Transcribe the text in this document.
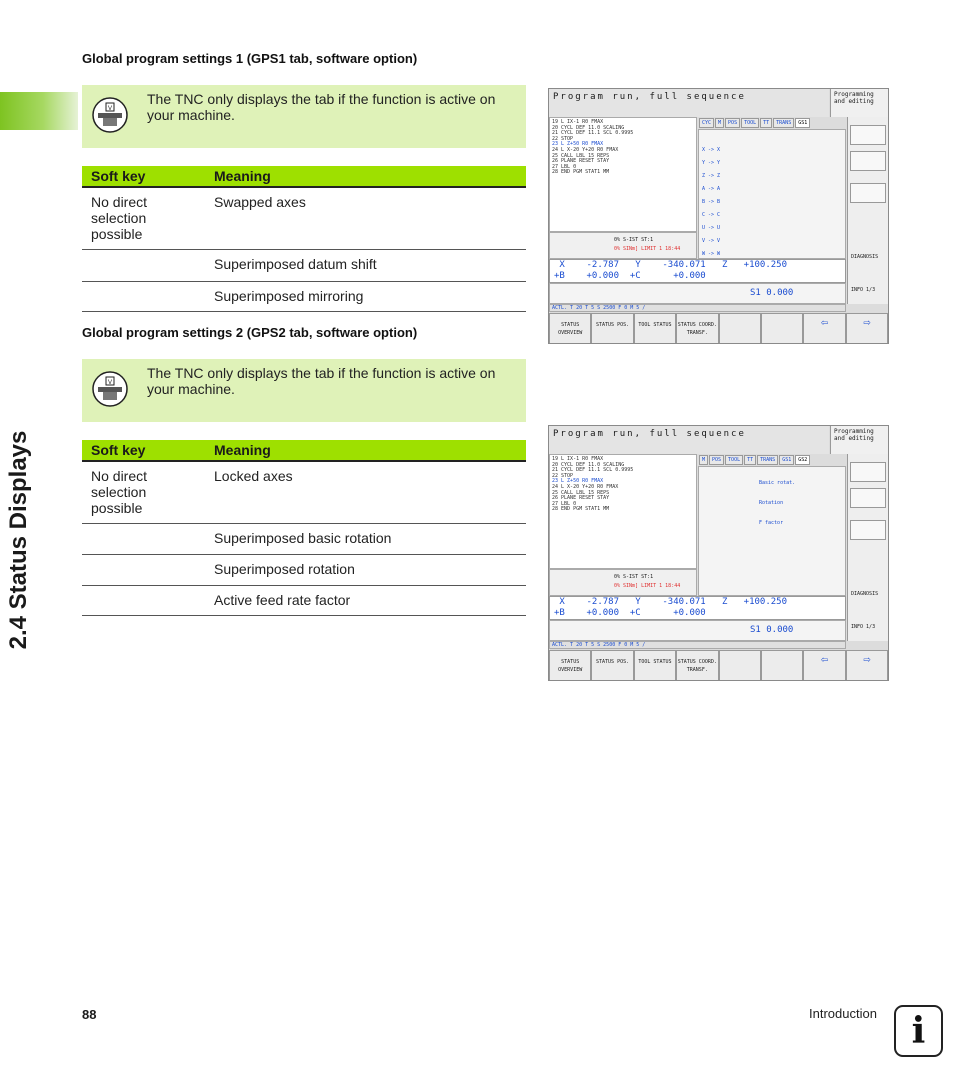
2.4 Status Displays
Global program settings 1 (GPS1 tab, software option)
V
The TNC only displays the tab if the function is active on your machine.
Soft key	Meaning
No direct selection possible	Swapped axes
	Superimposed datum shift
	Superimposed mirroring
Global program settings 2 (GPS2 tab, software option)
V
The TNC only displays the tab if the function is active on your machine.
Soft key	Meaning
No direct selection possible	Locked axes
	Superimposed basic rotation
	Superimposed rotation
	Active feed rate factor
Program run, full sequence	Programming and editing
19 L IX-1 R0 FMAX
20 CYCL DEF 11.0 SCALING
21 CYCL DEF 11.1 SCL 0.9995
22 STOP
23 L Z+50 R0 FMAX
24 L X-20 Y+20 R0 FMAX
25 CALL LBL 15 REPS
26 PLANE RESET STAY
27 LBL 0
28 END PGM STAT1 MM
CYC	M	POS	TOOL	TT	TRANS	GS1
X -> X
Y -> Y
Z -> Z
A -> A
B -> B
C -> C
U -> U
V -> V
W -> W	DIAGNOSIS
INFO 1/3
0% S-IST ST:1
0% SINm] LIMIT 1 18:44
X    -2.787   Y    -340.071   Z   +100.250
+B    +0.000  +C      +0.000
S1 0.000
ACTL. T 20 T 5 S 2500 F 0 M 5 /
STATUS OVERVIEW
STATUS POS.	TOOL STATUS	STATUS COORD. TRANSF.
⇦	⇨
Program run, full sequence	Programming and editing
19 L IX-1 R0 FMAX
20 CYCL DEF 11.0 SCALING
21 CYCL DEF 11.1 SCL 0.9995
22 STOP
23 L Z+50 R0 FMAX
24 L X-20 Y+20 R0 FMAX
25 CALL LBL 15 REPS
26 PLANE RESET STAY
27 LBL 0
28 END PGM STAT1 MM
M	POS	TOOL	TT	TRANS	GS1	GS2
Basic rotat.
Rotation
F factor
DIAGNOSIS
INFO 1/3
0% S-IST ST:1
0% SINm] LIMIT 1 18:44
X    -2.787   Y    -340.071   Z   +100.250
+B    +0.000  +C      +0.000
S1 0.000
ACTL. T 20 T 5 S 2500 F 0 M 5 /
STATUS OVERVIEW
STATUS POS.	TOOL STATUS	STATUS COORD. TRANSF.
⇦	⇨
88	Introduction i
